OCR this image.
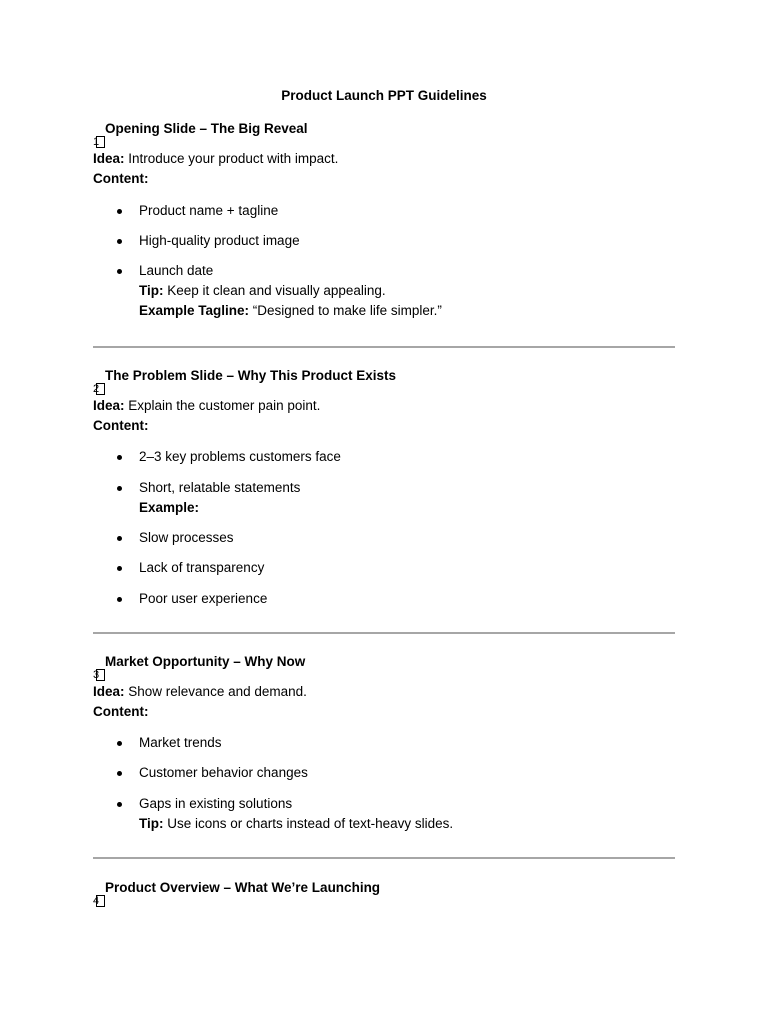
Product Launch PPT Guidelines
1
Opening Slide – The Big Reveal
Idea: Introduce your product with impact.
Content:
Product name + tagline
High-quality product image
Launch date
Tip: Keep it clean and visually appealing.
Example Tagline: “Designed to make life simpler.”
2
The Problem Slide – Why This Product Exists
Idea: Explain the customer pain point.
Content:
2–3 key problems customers face
Short, relatable statements
Example:
Slow processes
Lack of transparency
Poor user experience
3
Market Opportunity – Why Now
Idea: Show relevance and demand.
Content:
Market trends
Customer behavior changes
Gaps in existing solutions
Tip: Use icons or charts instead of text-heavy slides.
4
Product Overview – What We’re Launching
